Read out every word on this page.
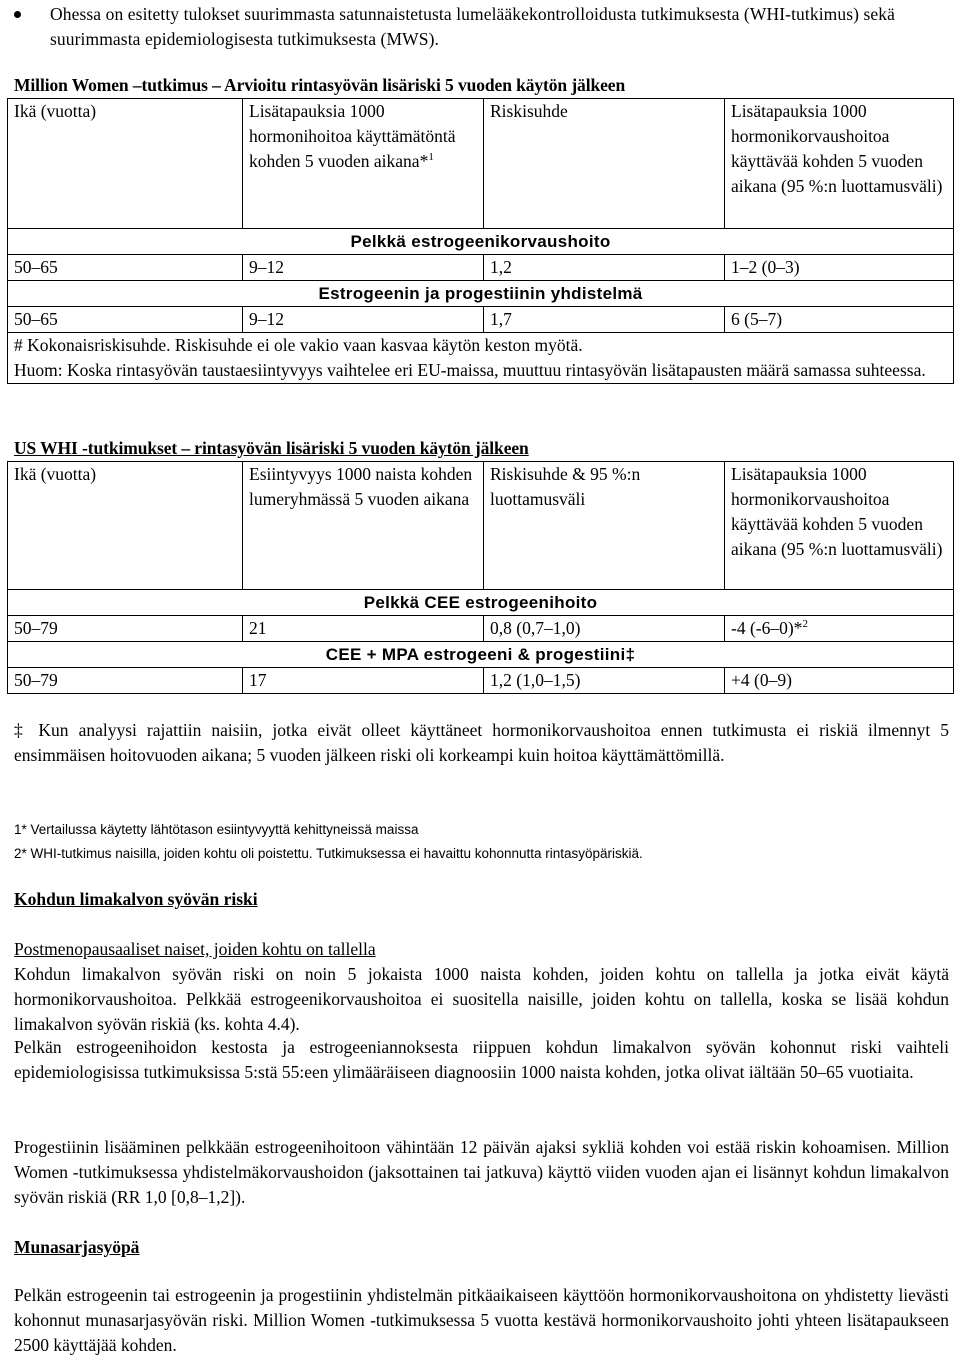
Ohessa on esitetty tulokset suurimmasta satunnaistetusta lumelääkekontrolloidusta tutkimuksesta (WHI-tutkimus) sekä suurimmasta epidemiologisesta tutkimuksesta (MWS).
Million Women –tutkimus – Arvioitu rintasyövän lisäriski 5 vuoden käytön jälkeen
Ikä (vuotta)	Lisätapauksia 1000 hormonihoitoa käyttämätöntä kohden 5 vuoden aikana*$^1$	Riskisuhde	Lisätapauksia 1000 hormonikorvaushoitoa käyttävää kohden 5 vuoden aikana (95 %:n luottamusväli)
Pelkkä estrogeenikorvaushoito			
50–65	9–12	1,2	1–2 (0–3)
Estrogeenin ja progestiinin yhdistelmä			
50–65	9–12	1,7	6 (5–7)

# Kokonaisriskisuhde. Riskisuhde ei ole vakio vaan kasvaa käytön keston myötä.
Huom: Koska rintasyövän taustaesiintyvyys vaihtelee eri EU-maissa, muuttuu rintasyövän lisätapausten määrä samassa suhteessa.			
US WHI -tutkimukset – rintasyövän lisäriski 5 vuoden käytön jälkeen
Ikä (vuotta)	Esiintyvyys 1000 naista kohden lumeryhmässä 5 vuoden aikana	Riskisuhde & 95 %:n luottamusväli	Lisätapauksia 1000 hormonikorvaushoitoa käyttävää kohden 5 vuoden aikana (95 %:n luottamusväli)
Pelkkä CEE estrogeenihoito			
50–79	21	0,8 (0,7–1,0)	-4 (-6–0)*$^2$
CEE + MPA estrogeeni & progestiini‡			
50–79	17	1,2 (1,0–1,5)	+4 (0–9)
‡ Kun analyysi rajattiin naisiin, jotka eivät olleet käyttäneet hormonikorvaushoitoa ennen tutkimusta ei riskiä ilmennyt 5 ensimmäisen hoitovuoden aikana; 5 vuoden jälkeen riski oli korkeampi kuin hoitoa käyttämättömillä.
1* Vertailussa käytetty lähtötason esiintyvyyttä kehittyneissä maissa
2* WHI-tutkimus naisilla, joiden kohtu oli poistettu. Tutkimuksessa ei havaittu kohonnutta rintasyöpäriskiä.
Kohdun limakalvon syövän riski
Postmenopausaaliset naiset, joiden kohtu on tallella
Kohdun limakalvon syövän riski on noin 5 jokaista 1000 naista kohden, joiden kohtu on tallella ja jotka eivät käytä hormonikorvaushoitoa. Pelkkää estrogeenikorvaushoitoa ei suositella naisille, joiden kohtu on tallella, koska se lisää kohdun limakalvon syövän riskiä (ks. kohta 4.4).
Pelkän estrogeenihoidon kestosta ja estrogeeniannoksesta riippuen kohdun limakalvon syövän kohonnut riski vaihteli epidemiologisissa tutkimuksissa 5:stä 55:een ylimääräiseen diagnoosiin 1000 naista kohden, jotka olivat iältään 50–65 vuotiaita.
Progestiinin lisääminen pelkkään estrogeenihoitoon vähintään 12 päivän ajaksi sykliä kohden voi estää riskin kohoamisen. Million Women -tutkimuksessa yhdistelmäkorvaushoidon (jaksottainen tai jatkuva) käyttö viiden vuoden ajan ei lisännyt kohdun limakalvon syövän riskiä (RR 1,0 [0,8–1,2]).
Munasarjasyöpä
Pelkän estrogeenin tai estrogeenin ja progestiinin yhdistelmän pitkäaikaiseen käyttöön hormonikorvaushoitona on yhdistetty lievästi kohonnut munasarjasyövän riski. Million Women -tutkimuksessa 5 vuotta kestävä hormonikorvaushoito johti yhteen lisätapaukseen 2500 käyttäjää kohden.
